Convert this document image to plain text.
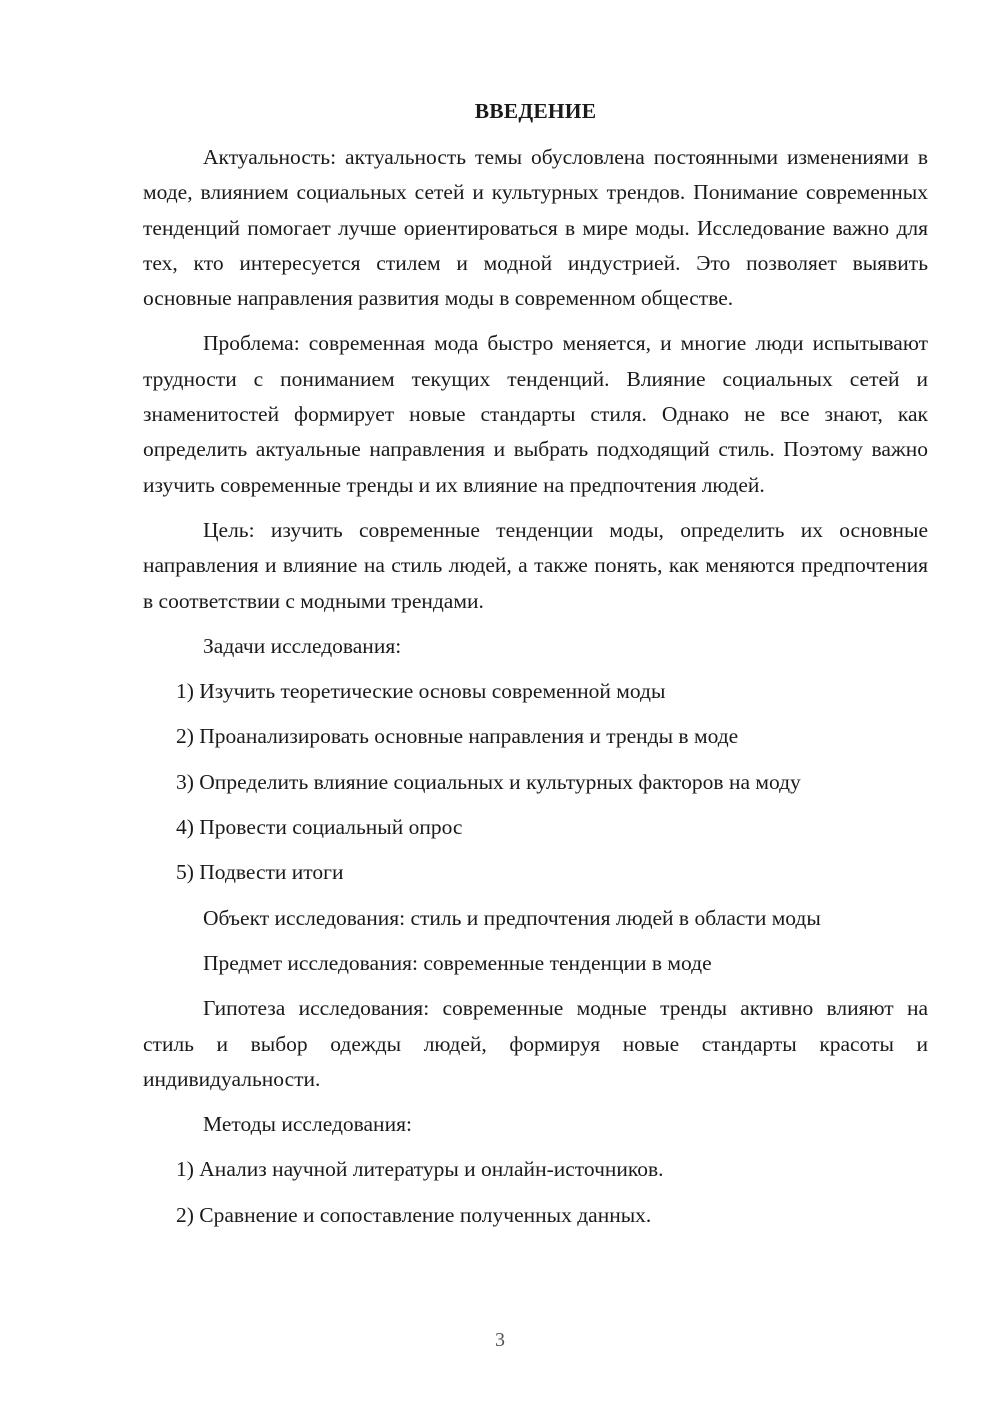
ВВЕДЕНИЕ

Актуальность: актуальность темы обусловлена постоянными изменениями в моде, влиянием социальных сетей и культурных трендов. Понимание современных тенденций помогает лучше ориентироваться в мире моды. Исследование важно для тех, кто интересуется стилем и модной индустрией. Это позволяет выявить основные направления развития моды в современном обществе.

Проблема: современная мода быстро меняется, и многие люди испытывают трудности с пониманием текущих тенденций. Влияние социальных сетей и знаменитостей формирует новые стандарты стиля. Однако не все знают, как определить актуальные направления и выбрать подходящий стиль. Поэтому важно изучить современные тренды и их влияние на предпочтения людей.

Цель: изучить современные тенденции моды, определить их основные направления и влияние на стиль людей, а также понять, как меняются предпочтения в соответствии с модными трендами.

Задачи исследования:

1) Изучить теоретические основы современной моды

2) Проанализировать основные направления и тренды в моде

3) Определить влияние социальных и культурных факторов на моду

4) Провести социальный опрос

5) Подвести итоги

Объект исследования: стиль и предпочтения людей в области моды

Предмет исследования: современные тенденции в моде

Гипотеза исследования: современные модные тренды активно влияют на стиль и выбор одежды людей, формируя новые стандарты красоты и индивидуальности.

Методы исследования:

1) Анализ научной литературы и онлайн-источников.

2) Сравнение и сопоставление полученных данных.

3
